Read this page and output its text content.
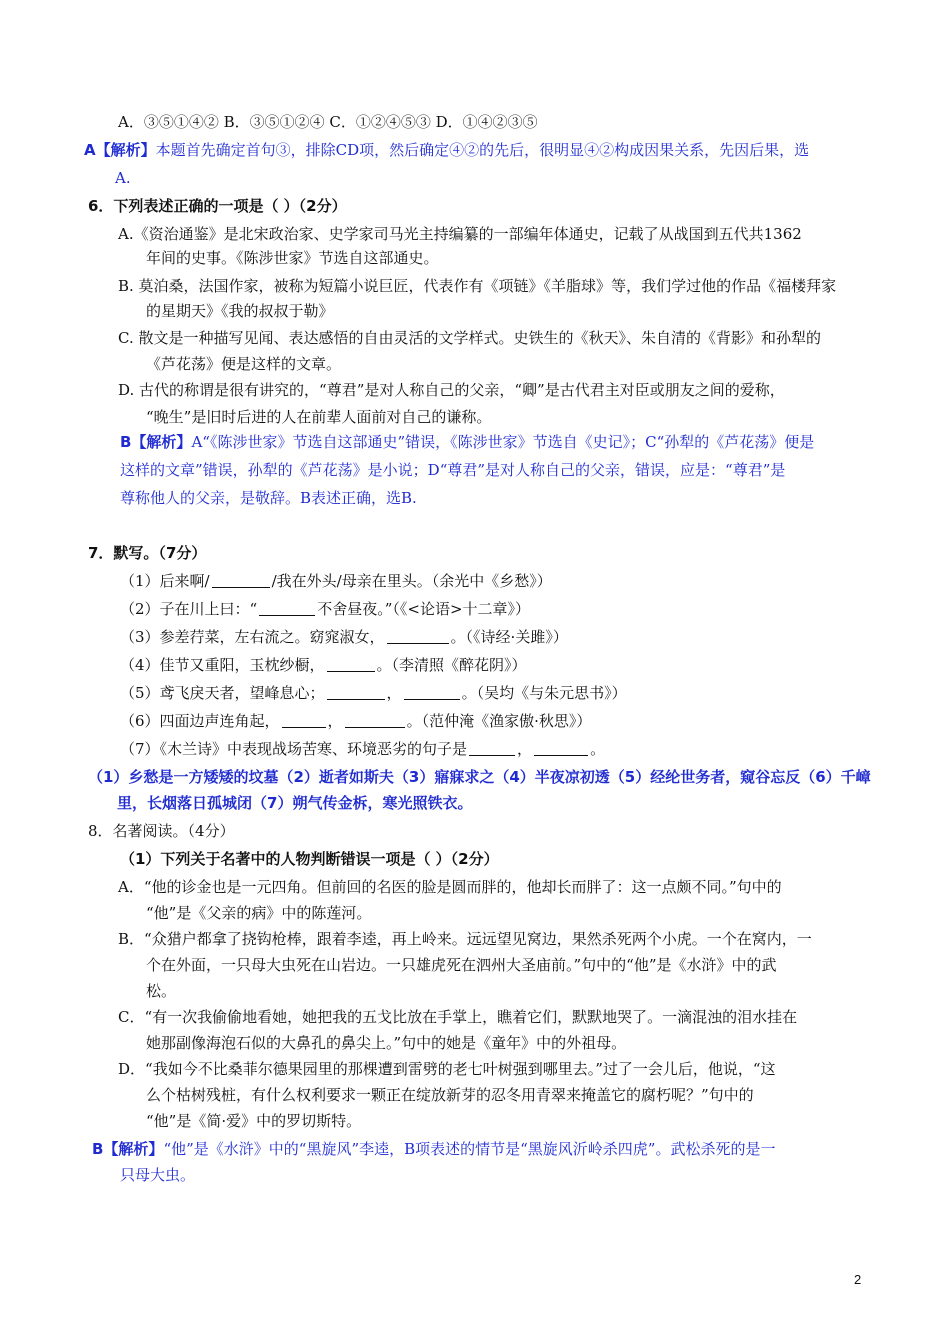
A．③⑤①④② B．③⑤①②④ C．①②④⑤③ D．①④②③⑤
A【解析】本题首先确定首句③，排除CD项，然后确定④②的先后，很明显④②构成因果关系，先因后果，选
A.
6．下列表述正确的一项是（ ）（2分）
A.《资治通鉴》是北宋政治家、史学家司马光主持编纂的一部编年体通史，记载了从战国到五代共1362
年间的史事。《陈涉世家》节选自这部通史。
B. 莫泊桑，法国作家，被称为短篇小说巨匠，代表作有《项链》《羊脂球》等，我们学过他的作品《福楼拜家
的星期天》《我的叔叔于勒》
C. 散文是一种描写见闻、表达感悟的自由灵活的文学样式。史铁生的《秋天》、朱自清的《背影》和孙犁的
《芦花荡》便是这样的文章。
D. 古代的称谓是很有讲究的，“尊君”是对人称自己的父亲，“卿”是古代君主对臣或朋友之间的爱称，
“晚生”是旧时后进的人在前辈人面前对自己的谦称。
B【解析】A“《陈涉世家》节选自这部通史”错误，《陈涉世家》节选自《史记》；C“孙犁的《芦花荡》便是
这样的文章”错误，孙犁的《芦花荡》是小说；D“尊君”是对人称自己的父亲，错误，应是：“尊君”是
尊称他人的父亲，是敬辞。B表述正确，选B.
7．默写。（7分）
（1）后来啊/	/我在外头/母亲在里头。（余光中《乡愁》）
（2）子在川上曰：“	不舍昼夜。”（《<论语>十二章》）
（3）参差荇菜，左右流之。窈窕淑女，	。（《诗经·关雎》）
（4）佳节又重阳，玉枕纱橱，	。（李清照《醉花阴》）
（5）鸢飞戾天者，望峰息心；	，	。（吴均《与朱元思书》）
（6）四面边声连角起，	，	。（范仲淹《渔家傲·秋思》）
（7）《木兰诗》中表现战场苦寒、环境恶劣的句子是	，	。
（1）乡愁是一方矮矮的坟墓（2）逝者如斯夫（3）寤寐求之（4）半夜凉初透（5）经纶世务者，窥谷忘反（6）千嶂
里，长烟落日孤城闭（7）朔气传金柝，寒光照铁衣。
8．名著阅读。（4分）
（1）下列关于名著中的人物判断错误一项是（ ）（2分）
A．“他的诊金也是一元四角。但前回的名医的脸是圆而胖的，他却长而胖了：这一点颇不同。”句中的
“他”是《父亲的病》中的陈莲河。
B．“众猎户都拿了挠钩枪棒，跟着李逵，再上岭来。远远望见窝边，果然杀死两个小虎。一个在窝内，一
个在外面，一只母大虫死在山岩边。一只雄虎死在泗州大圣庙前。”句中的“他”是《水浒》中的武
松。
C．“有一次我偷偷地看她，她把我的五戈比放在手掌上，瞧着它们，默默地哭了。一滴混浊的泪水挂在
她那副像海泡石似的大鼻孔的鼻尖上。”句中的她是《童年》中的外祖母。
D．“我如今不比桑菲尔德果园里的那棵遭到雷劈的老七叶树强到哪里去。”过了一会儿后，他说，“这
么个枯树残桩，有什么权利要求一颗正在绽放新芽的忍冬用青翠来掩盖它的腐朽呢？”句中的
“他”是《简·爱》中的罗切斯特。
B【解析】“他”是《水浒》中的“黑旋风”李逵，B项表述的情节是“黑旋风沂岭杀四虎”。武松杀死的是一
只母大虫。
2
